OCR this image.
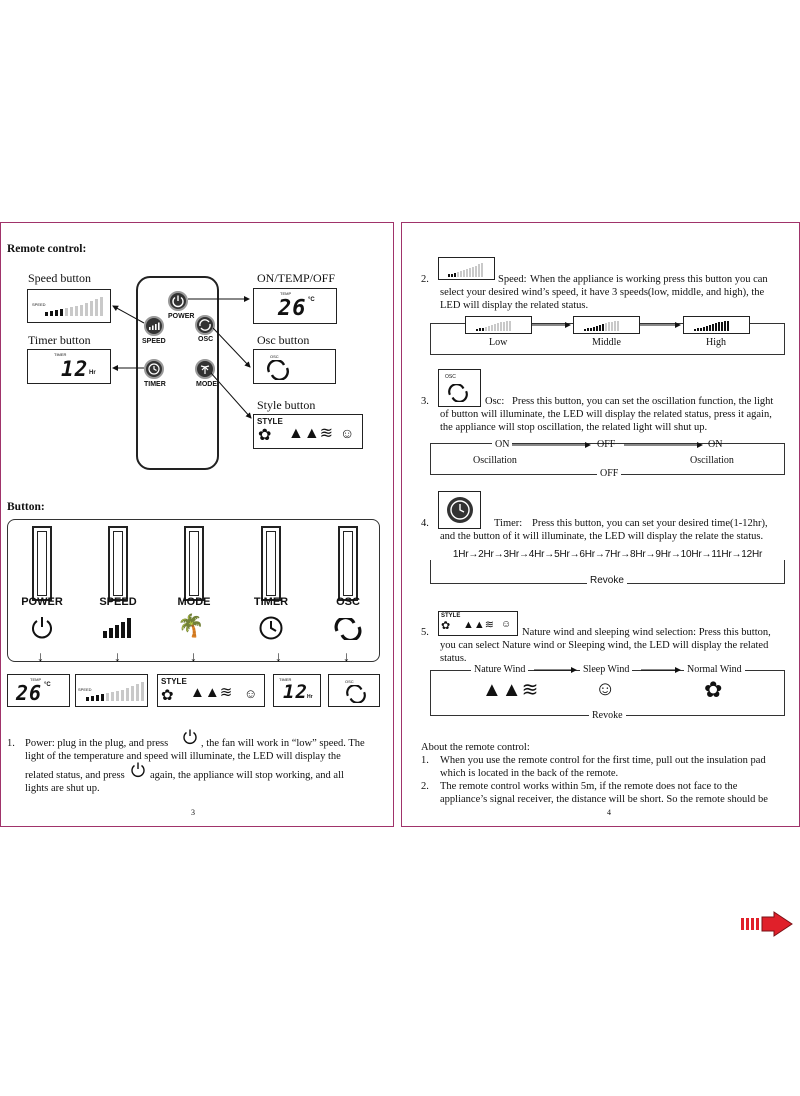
Remote control:
Speed button
SPEED
Timer button
TIMER
12 Hr
POWER
SPEED	OSC
TIMER	MODE
ON/TEMP/OFF
TEMP
26 °C
Osc button
OSC
Style button
STYLE
✿ ▲▲≋ ☺
Button:
POWER	SPEED	MODE	TIMER	OSC
🌴
↓	↓	↓	↓	↓
TEMP
26 °C
SPEED
STYLE
✿ ▲▲≋ ☺
TIMER
12 Hr
OSC
1. Power: plug in the plug, and press	, the fan will work in “low” speed. The
light of the temperature and speed will illuminate, the LED will display the
related status, and press again, the appliance will stop working, and all
lights are shut up.
3
2.	Speed: When the appliance is working press this button you can
select your desired wind’s speed, it have 3 speeds(low, middle, and high), the
LED will display the related status.
Low	Middle	High
3.
OSC
Osc: Press this button, you can set the oscillation function, the light
of button will illuminate, the LED will display the related status, press it again,
the appliance will stop oscillation, the related light will shut up.
ON
Oscillation
OFF	ON
Oscillation
OFF
4.	Timer: Press this button, you can set your desired time(1-12hr),
and the button of it will illuminate, the LED will display the relate the status.
1Hr→2Hr→3Hr→4Hr→5Hr→6Hr→7Hr→8Hr→9Hr→10Hr→11Hr→12Hr
Revoke
5.
STYLE
✿ ▲▲≋ ☺
Nature wind and sleeping wind selection: Press this button,
you can select Nature wind or Sleeping wind, the LED will display the related
status.
Nature Wind	Sleep Wind	Normal Wind
▲▲≋	☺	✿
Revoke
About the remote control:
1. When you use the remote control for the first time, pull out the insulation pad
which is located in the back of the remote.
2. The remote control works within 5m, if the remote does not face to the
appliance’s signal receiver, the distance will be short. So the remote should be
4
